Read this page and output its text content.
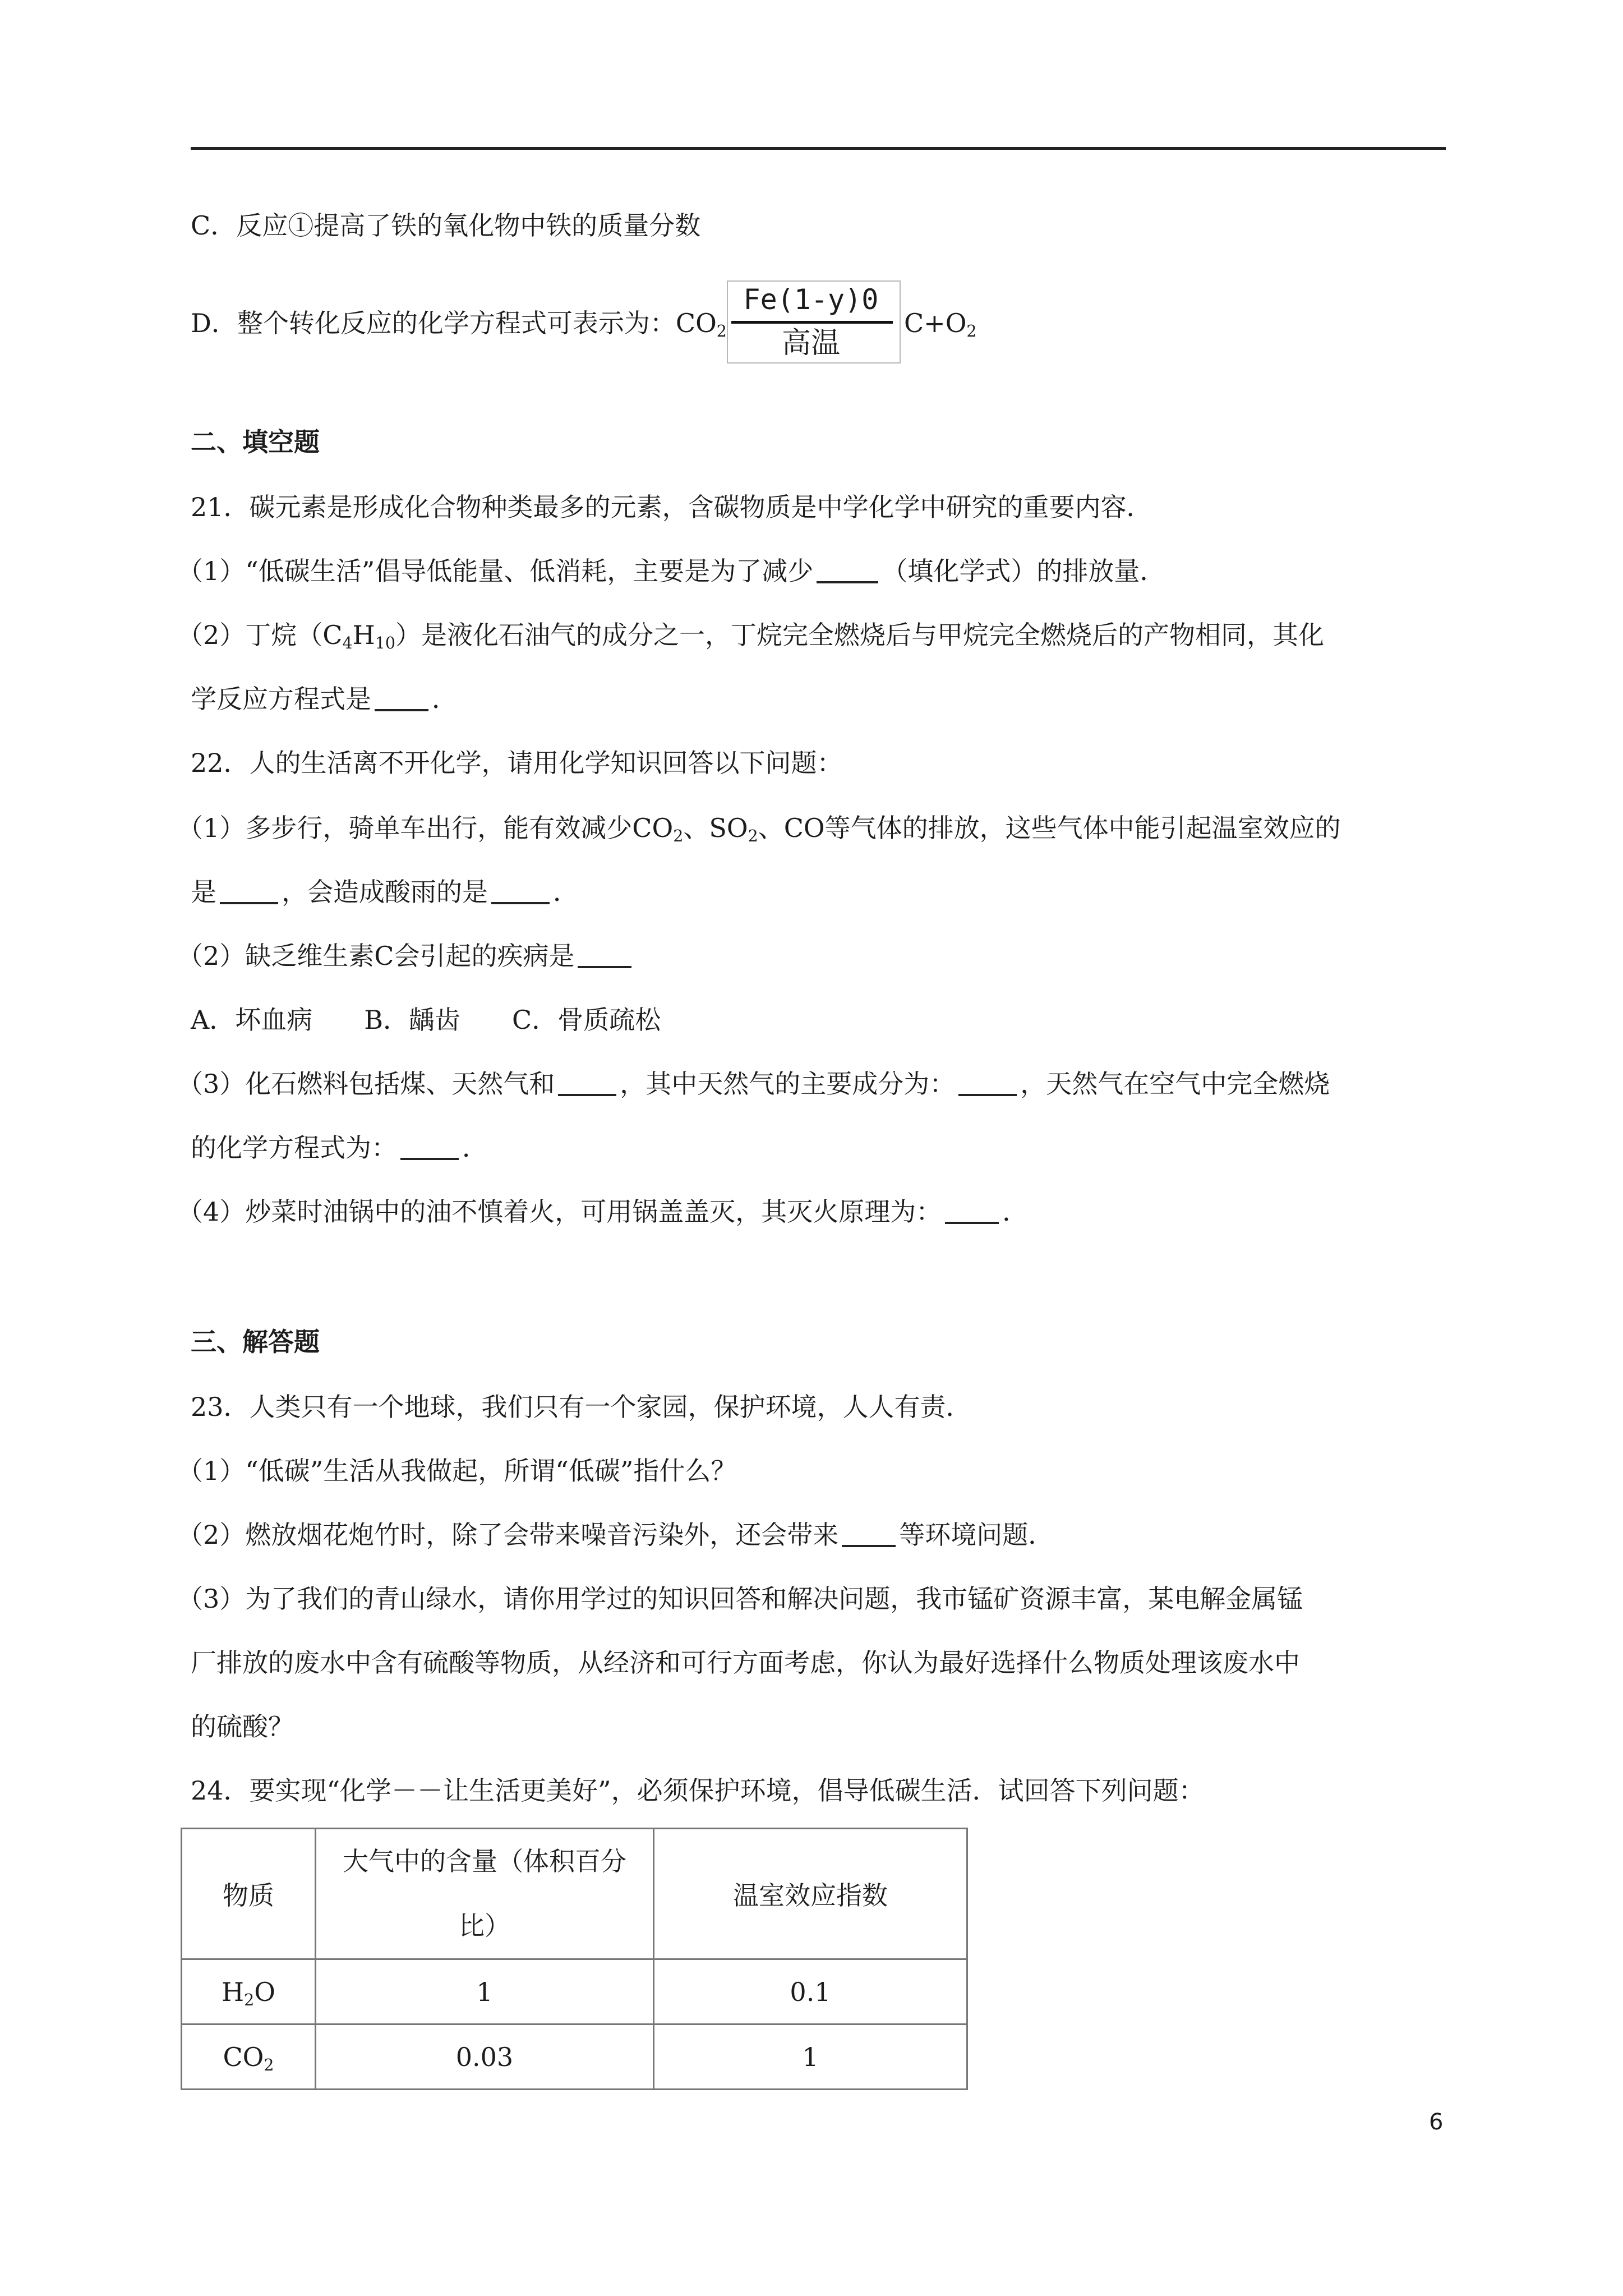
C．反应①提高了铁的氧化物中铁的质量分数
D．整个转化反应的化学方程式可表示为：$CO_2$
Fe(1-y)0
高温
$C+O_2$
二、填空题
21．碳元素是形成化合物种类最多的元素，含碳物质是中学化学中研究的重要内容．
（1）“低碳生活”倡导低能量、低消耗，主要是为了减少	（填化学式）的排放量．
（2）丁烷$(C_4H_{10})$是液化石油气的成分之一，丁烷完全燃烧后与甲烷完全燃烧后的产物相同，其化
学反应方程式是 ．
22．人的生活离不开化学，请用化学知识回答以下问题：
（1）多步行，骑单车出行，能有效减少$CO_2$、$SO_2$、CO等气体的排放，这些气体中能引起温室效应的
是	，会造成酸雨的是	．
（2）缺乏维生素C会引起的疾病是
A．坏血病　　B．龋齿　　C．骨质疏松
（3）化石燃料包括煤、天然气和	，其中天然气的主要成分为：	，天然气在空气中完全燃烧
的化学方程式为：	．
（4）炒菜时油锅中的油不慎着火，可用锅盖盖灭，其灭火原理为： ．
三、解答题
23．人类只有一个地球，我们只有一个家园，保护环境，人人有责．
（1）“低碳”生活从我做起，所谓“低碳”指什么？
（2）燃放烟花炮竹时，除了会带来噪音污染外，还会带来 等环境问题．
（3）为了我们的青山绿水，请你用学过的知识回答和解决问题，我市锰矿资源丰富，某电解金属锰
厂排放的废水中含有硫酸等物质，从经济和可行方面考虑，你认为最好选择什么物质处理该废水中
的硫酸？
24．要实现“化学－－让生活更美好”，必须保护环境，倡导低碳生活．试回答下列问题：
物质	大气中的含量（体积百分
比）	温室效应指数
$H_2O$	1	0.1
$CO_2$	0.03	1
6
